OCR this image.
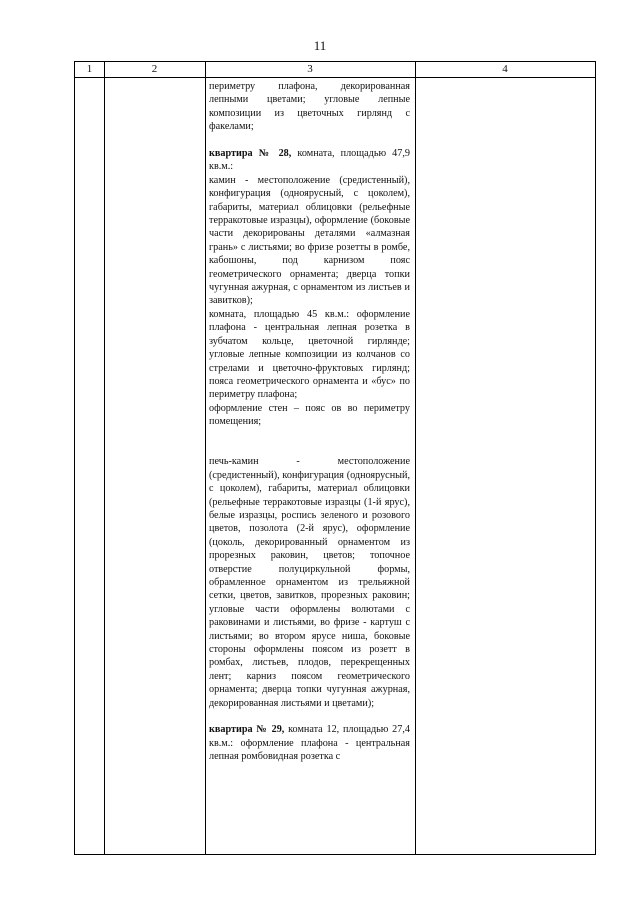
11
1	2	3	4

периметру плафона, декорированная лепными цветами; угловые лепные композиции из цветочных гирлянд с факелами;

квартира № 28, комната, площадью 47,9 кв.м.:

камин - местоположение (средистенный), конфигурация (одноярусный, с цоколем), габариты, материал облицовки (рельефные терракотовые изразцы), оформление (боковые части декорированы деталями «алмазная грань» с листьями; во фризе розетты в ромбе, кабошоны, под карнизом пояс геометрического орнамента; дверца топки чугунная ажурная, с орнаментом из листьев и завитков);

комната, площадью 45 кв.м.: оформление плафона - центральная лепная розетка в зубчатом кольце, цветочной гирлянде; угловые лепные композиции из колчанов со стрелами и цветочно-фруктовых гирлянд; пояса геометрического орнамента и «бус» по периметру плафона;

оформление стен – пояс ов во периметру помещения;

печь-камин - местоположение (средистенный), конфигурация (одноярусный, с цоколем), габариты, материал облицовки (рельефные терракотовые изразцы (1-й ярус), белые изразцы, роспись зеленого и розового цветов, позолота (2-й ярус), оформление (цоколь, декорированный орнаментом из прорезных раковин, цветов; топочное отверстие полуциркульной формы, обрамленное орнаментом из трельяжной сетки, цветов, завитков, прорезных раковин; угловые части оформлены волютами с раковинами и листьями, во фризе - картуш с листьями; во втором ярусе ниша, боковые стороны оформлены поясом из розетт в ромбах, листьев, плодов, перекрещенных лент; карниз поясом геометрического орнамента; дверца топки чугунная ажурная, декорированная листьями и цветами);

квартира № 29, комната 12, площадью 27,4 кв.м.: оформление плафона - центральная лепная ромбовидная розетка с
